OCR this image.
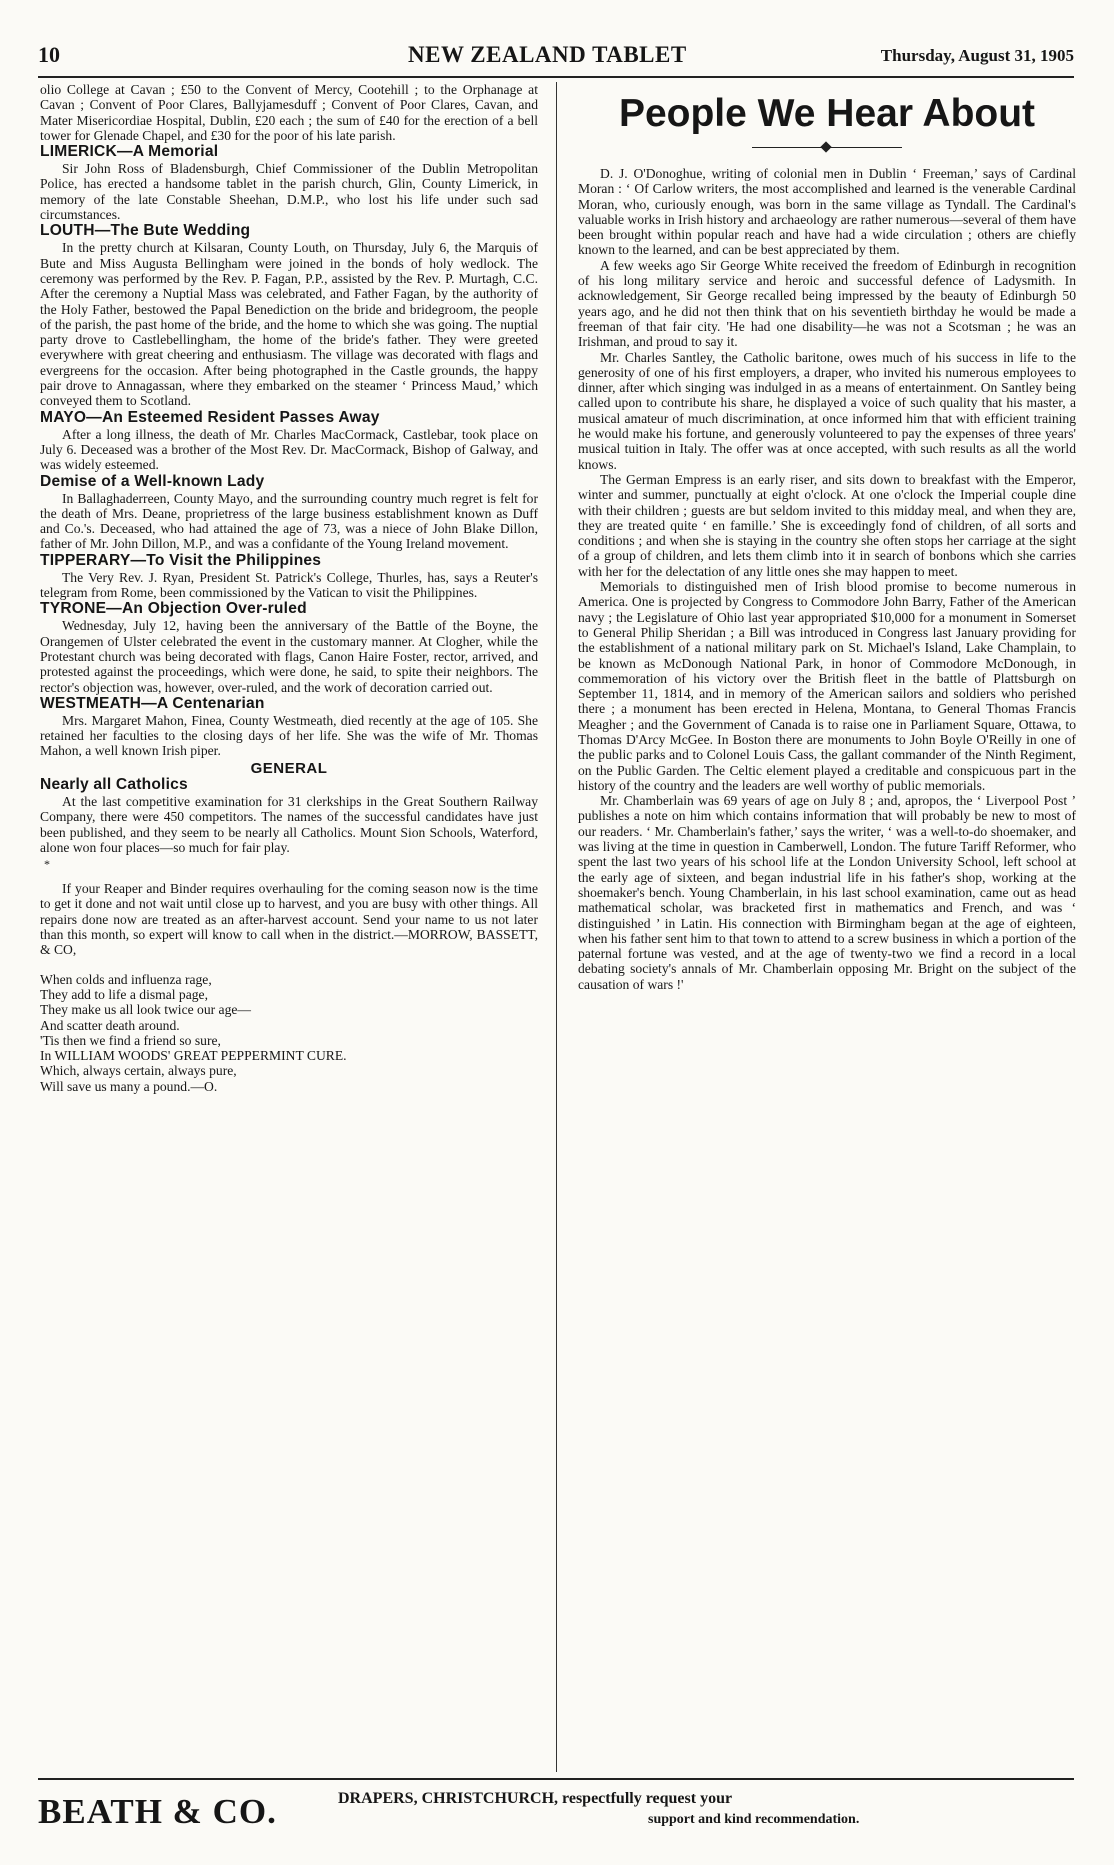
10	NEW ZEALAND TABLET	Thursday, August 31, 1905

olio College at Cavan ; £50 to the Convent of Mercy, Cootehill ; to the Orphanage at Cavan ; Convent of Poor Clares, Ballyjamesduff ; Convent of Poor Clares, Cavan, and Mater Misericordiae Hospital, Dublin, £20 each ; the sum of £40 for the erection of a bell tower for Glenade Chapel, and £30 for the poor of his late parish.

LIMERICK—A Memorial

Sir John Ross of Bladensburgh, Chief Commissioner of the Dublin Metropolitan Police, has erected a handsome tablet in the parish church, Glin, County Limerick, in memory of the late Constable Sheehan, D.M.P., who lost his life under such sad circumstances.

LOUTH—The Bute Wedding

In the pretty church at Kilsaran, County Louth, on Thursday, July 6, the Marquis of Bute and Miss Augusta Bellingham were joined in the bonds of holy wedlock. The ceremony was performed by the Rev. P. Fagan, P.P., assisted by the Rev. P. Murtagh, C.C. After the ceremony a Nuptial Mass was celebrated, and Father Fagan, by the authority of the Holy Father, bestowed the Papal Benediction on the bride and bridegroom, the people of the parish, the past home of the bride, and the home to which she was going. The nuptial party drove to Castlebellingham, the home of the bride's father. They were greeted everywhere with great cheering and enthusiasm. The village was decorated with flags and evergreens for the occasion. After being photographed in the Castle grounds, the happy pair drove to Annagassan, where they embarked on the steamer ‘ Princess Maud,’ which conveyed them to Scotland.

MAYO—An Esteemed Resident Passes Away

After a long illness, the death of Mr. Charles MacCormack, Castlebar, took place on July 6. Deceased was a brother of the Most Rev. Dr. MacCormack, Bishop of Galway, and was widely esteemed.

Demise of a Well-known Lady

In Ballaghaderreen, County Mayo, and the surrounding country much regret is felt for the death of Mrs. Deane, proprietress of the large business establishment known as Duff and Co.'s. Deceased, who had attained the age of 73, was a niece of John Blake Dillon, father of Mr. John Dillon, M.P., and was a confidante of the Young Ireland movement.

TIPPERARY—To Visit the Philippines

The Very Rev. J. Ryan, President St. Patrick's College, Thurles, has, says a Reuter's telegram from Rome, been commissioned by the Vatican to visit the Philippines.

TYRONE—An Objection Over-ruled

Wednesday, July 12, having been the anniversary of the Battle of the Boyne, the Orangemen of Ulster celebrated the event in the customary manner. At Clogher, while the Protestant church was being decorated with flags, Canon Haire Foster, rector, arrived, and protested against the proceedings, which were done, he said, to spite their neighbors. The rector's objection was, however, over-ruled, and the work of decoration carried out.

WESTMEATH—A Centenarian

Mrs. Margaret Mahon, Finea, County Westmeath, died recently at the age of 105. She retained her faculties to the closing days of her life. She was the wife of Mr. Thomas Mahon, a well known Irish piper.

GENERAL
Nearly all Catholics

At the last competitive examination for 31 clerkships in the Great Southern Railway Company, there were 450 competitors. The names of the successful candidates have just been published, and they seem to be nearly all Catholics. Mount Sion Schools, Waterford, alone won four places—so much for fair play.

*

If your Reaper and Binder requires overhauling for the coming season now is the time to get it done and not wait until close up to harvest, and you are busy with other things. All repairs done now are treated as an after-harvest account. Send your name to us not later than this month, so expert will know to call when in the district.—MORROW, BASSETT, & CO,

When colds and influenza rage,
They add to life a dismal page,
They make us all look twice our age—
And scatter death around.
'Tis then we find a friend so sure,
In WILLIAM WOODS' GREAT PEPPERMINT CURE.
Which, always certain, always pure,
Will save us many a pound.—O.
People We Hear About

D. J. O'Donoghue, writing of colonial men in Dublin ‘ Freeman,’ says of Cardinal Moran : ‘ Of Carlow writers, the most accomplished and learned is the venerable Cardinal Moran, who, curiously enough, was born in the same village as Tyndall. The Cardinal's valuable works in Irish history and archaeology are rather numerous—several of them have been brought within popular reach and have had a wide circulation ; others are chiefly known to the learned, and can be best appreciated by them.

A few weeks ago Sir George White received the freedom of Edinburgh in recognition of his long military service and heroic and successful defence of Ladysmith. In acknowledgement, Sir George recalled being impressed by the beauty of Edinburgh 50 years ago, and he did not then think that on his seventieth birthday he would be made a freeman of that fair city. 'He had one disability—he was not a Scotsman ; he was an Irishman, and proud to say it.

Mr. Charles Santley, the Catholic baritone, owes much of his success in life to the generosity of one of his first employers, a draper, who invited his numerous employees to dinner, after which singing was indulged in as a means of entertainment. On Santley being called upon to contribute his share, he displayed a voice of such quality that his master, a musical amateur of much discrimination, at once informed him that with efficient training he would make his fortune, and generously volunteered to pay the expenses of three years' musical tuition in Italy. The offer was at once accepted, with such results as all the world knows.

The German Empress is an early riser, and sits down to breakfast with the Emperor, winter and summer, punctually at eight o'clock. At one o'clock the Imperial couple dine with their children ; guests are but seldom invited to this midday meal, and when they are, they are treated quite ‘ en famille.’ She is exceedingly fond of children, of all sorts and conditions ; and when she is staying in the country she often stops her carriage at the sight of a group of children, and lets them climb into it in search of bonbons which she carries with her for the delectation of any little ones she may happen to meet.

Memorials to distinguished men of Irish blood promise to become numerous in America. One is projected by Congress to Commodore John Barry, Father of the American navy ; the Legislature of Ohio last year appropriated $10,000 for a monument in Somerset to General Philip Sheridan ; a Bill was introduced in Congress last January providing for the establishment of a national military park on St. Michael's Island, Lake Champlain, to be known as McDonough National Park, in honor of Commodore McDonough, in commemoration of his victory over the British fleet in the battle of Plattsburgh on September 11, 1814, and in memory of the American sailors and soldiers who perished there ; a monument has been erected in Helena, Montana, to General Thomas Francis Meagher ; and the Government of Canada is to raise one in Parliament Square, Ottawa, to Thomas D'Arcy McGee. In Boston there are monuments to John Boyle O'Reilly in one of the public parks and to Colonel Louis Cass, the gallant commander of the Ninth Regiment, on the Public Garden. The Celtic element played a creditable and conspicuous part in the history of the country and the leaders are well worthy of public memorials.

Mr. Chamberlain was 69 years of age on July 8 ; and, apropos, the ‘ Liverpool Post ’ publishes a note on him which contains information that will probably be new to most of our readers. ‘ Mr. Chamberlain's father,’ says the writer, ‘ was a well-to-do shoemaker, and was living at the time in question in Camberwell, London. The future Tariff Reformer, who spent the last two years of his school life at the London University School, left school at the early age of sixteen, and began industrial life in his father's shop, working at the shoemaker's bench. Young Chamberlain, in his last school examination, came out as head mathematical scholar, was bracketed first in mathematics and French, and was ‘ distinguished ’ in Latin. His connection with Birmingham began at the age of eighteen, when his father sent him to that town to attend to a screw business in which a portion of the paternal fortune was vested, and at the age of twenty-two we find a record in a local debating society's annals of Mr. Chamberlain opposing Mr. Bright on the subject of the causation of wars !'

BEATH & CO.	DRAPERS, CHRISTCHURCH, respectfully request your
support and kind recommendation.
